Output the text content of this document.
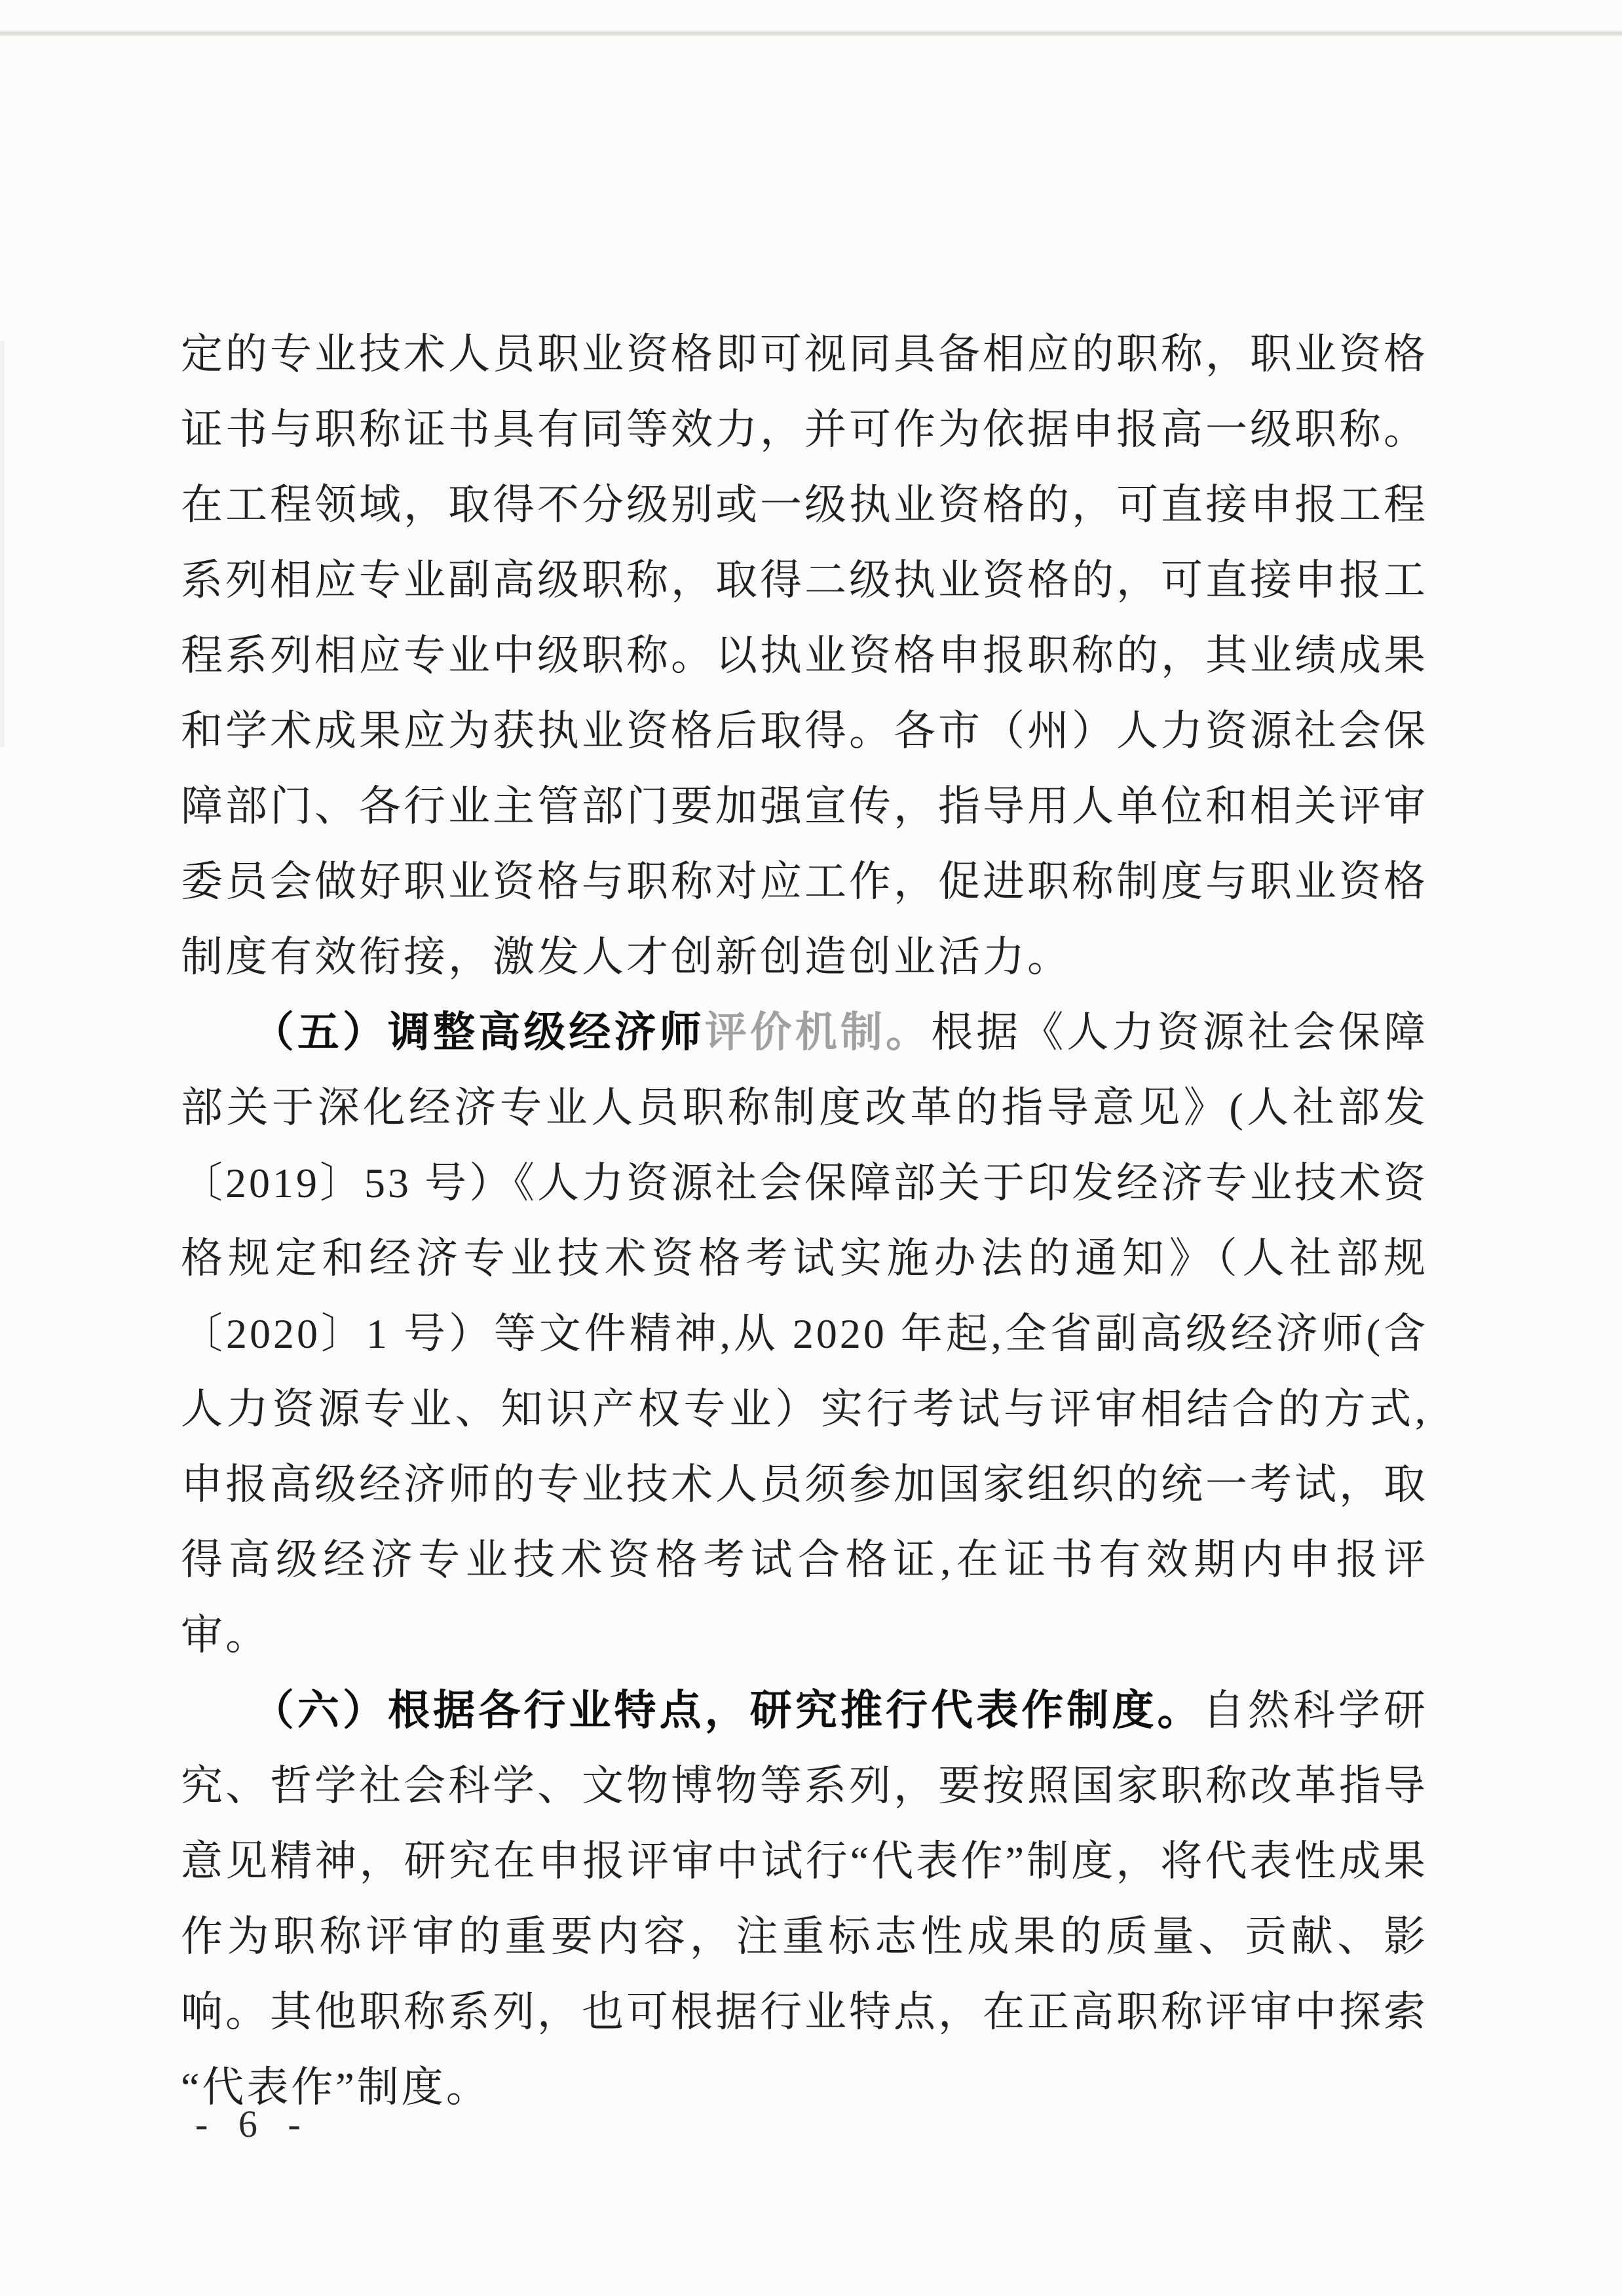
定的专业技术人员职业资格即可视同具备相应的职称，职业资格证书与职称证书具有同等效力，并可作为依据申报高一级职称。在工程领域，取得不分级别或一级执业资格的，可直接申报工程系列相应专业副高级职称，取得二级执业资格的，可直接申报工程系列相应专业中级职称。以执业资格申报职称的，其业绩成果和学术成果应为获执业资格后取得。各市（州）人力资源社会保障部门、各行业主管部门要加强宣传，指导用人单位和相关评审委员会做好职业资格与职称对应工作，促进职称制度与职业资格制度有效衔接，激发人才创新创造创业活力。

（五）调整高级经济师评价机制。根据《人力资源社会保障部关于深化经济专业人员职称制度改革的指导意见》(人社部发〔2019〕53 号）《人力资源社会保障部关于印发经济专业技术资格规定和经济专业技术资格考试实施办法的通知》（人社部规〔2020〕1 号）等文件精神,从 2020 年起,全省副高级经济师(含人力资源专业、知识产权专业）实行考试与评审相结合的方式,申报高级经济师的专业技术人员须参加国家组织的统一考试，取得高级经济专业技术资格考试合格证,在证书有效期内申报评审。

（六）根据各行业特点，研究推行代表作制度。自然科学研究、哲学社会科学、文物博物等系列，要按照国家职称改革指导意见精神，研究在申报评审中试行“代表作”制度，将代表性成果作为职称评审的重要内容，注重标志性成果的质量、贡献、影响。其他职称系列，也可根据行业特点，在正高职称评审中探索“代表作”制度。

- 6 -
